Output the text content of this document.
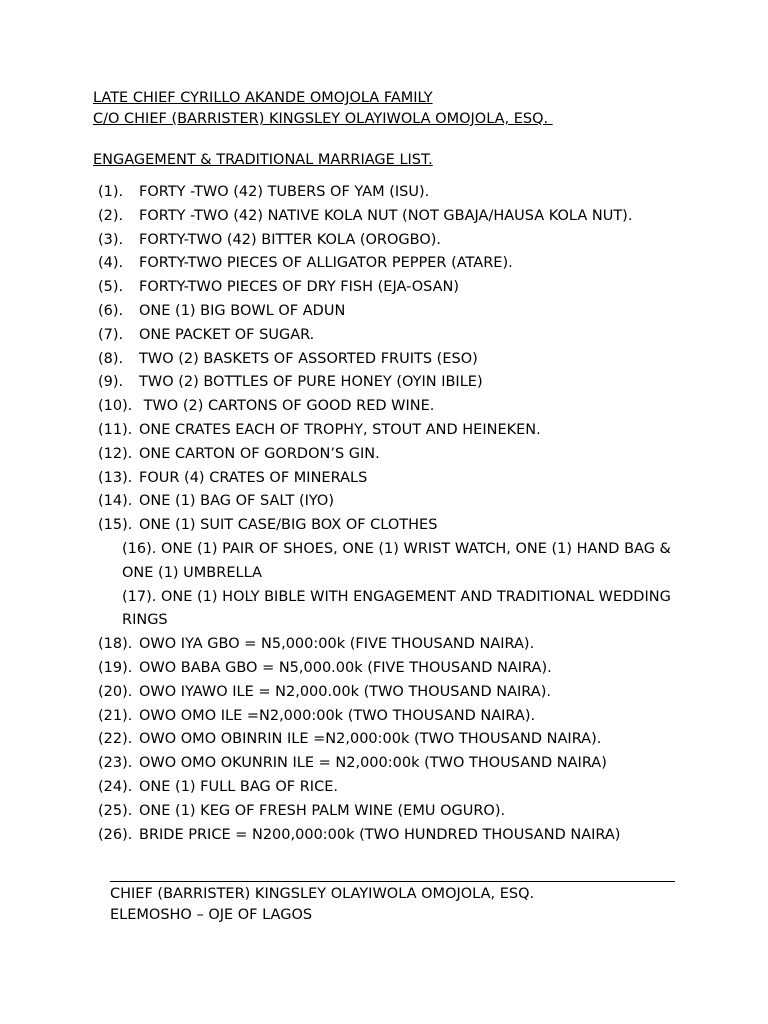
LATE CHIEF CYRILLO AKANDE OMOJOLA FAMILY
C/O CHIEF (BARRISTER) KINGSLEY OLAYIWOLA OMOJOLA, ESQ.
ENGAGEMENT & TRADITIONAL MARRIAGE LIST.
(1). FORTY -TWO (42) TUBERS OF YAM (ISU).
(2). FORTY -TWO (42) NATIVE KOLA NUT (NOT GBAJA/HAUSA KOLA NUT).
(3). FORTY-TWO (42) BITTER KOLA (OROGBO).
(4). FORTY-TWO PIECES OF ALLIGATOR PEPPER (ATARE).
(5). FORTY-TWO PIECES OF DRY FISH (EJA-OSAN)
(6). ONE (1) BIG BOWL OF ADUN
(7). ONE PACKET OF SUGAR.
(8). TWO (2) BASKETS OF ASSORTED FRUITS (ESO)
(9). TWO (2) BOTTLES OF PURE HONEY (OYIN IBILE)
(10). TWO (2) CARTONS OF GOOD RED WINE.
(11). ONE CRATES EACH OF TROPHY, STOUT AND HEINEKEN.
(12). ONE CARTON OF GORDON’S GIN.
(13). FOUR (4) CRATES OF MINERALS
(14). ONE (1) BAG OF SALT (IYO)
(15). ONE (1) SUIT CASE/BIG BOX OF CLOTHES
(16). ONE (1) PAIR OF SHOES, ONE (1) WRIST WATCH, ONE (1) HAND BAG & ONE (1) UMBRELLA
(17). ONE (1) HOLY BIBLE WITH ENGAGEMENT AND TRADITIONAL WEDDING RINGS
(18). OWO IYA GBO = N5,000:00k (FIVE THOUSAND NAIRA).
(19). OWO BABA GBO = N5,000.00k (FIVE THOUSAND NAIRA).
(20). OWO IYAWO ILE = N2,000.00k (TWO THOUSAND NAIRA).
(21). OWO OMO ILE =N2,000:00k (TWO THOUSAND NAIRA).
(22). OWO OMO OBINRIN ILE =N2,000:00k (TWO THOUSAND NAIRA).
(23). OWO OMO OKUNRIN ILE = N2,000:00k (TWO THOUSAND NAIRA)
(24). ONE (1) FULL BAG OF RICE.
(25). ONE (1) KEG OF FRESH PALM WINE (EMU OGURO).
(26). BRIDE PRICE = N200,000:00k (TWO HUNDRED THOUSAND NAIRA)
CHIEF (BARRISTER) KINGSLEY OLAYIWOLA OMOJOLA, ESQ.
ELEMOSHO – OJE OF LAGOS
